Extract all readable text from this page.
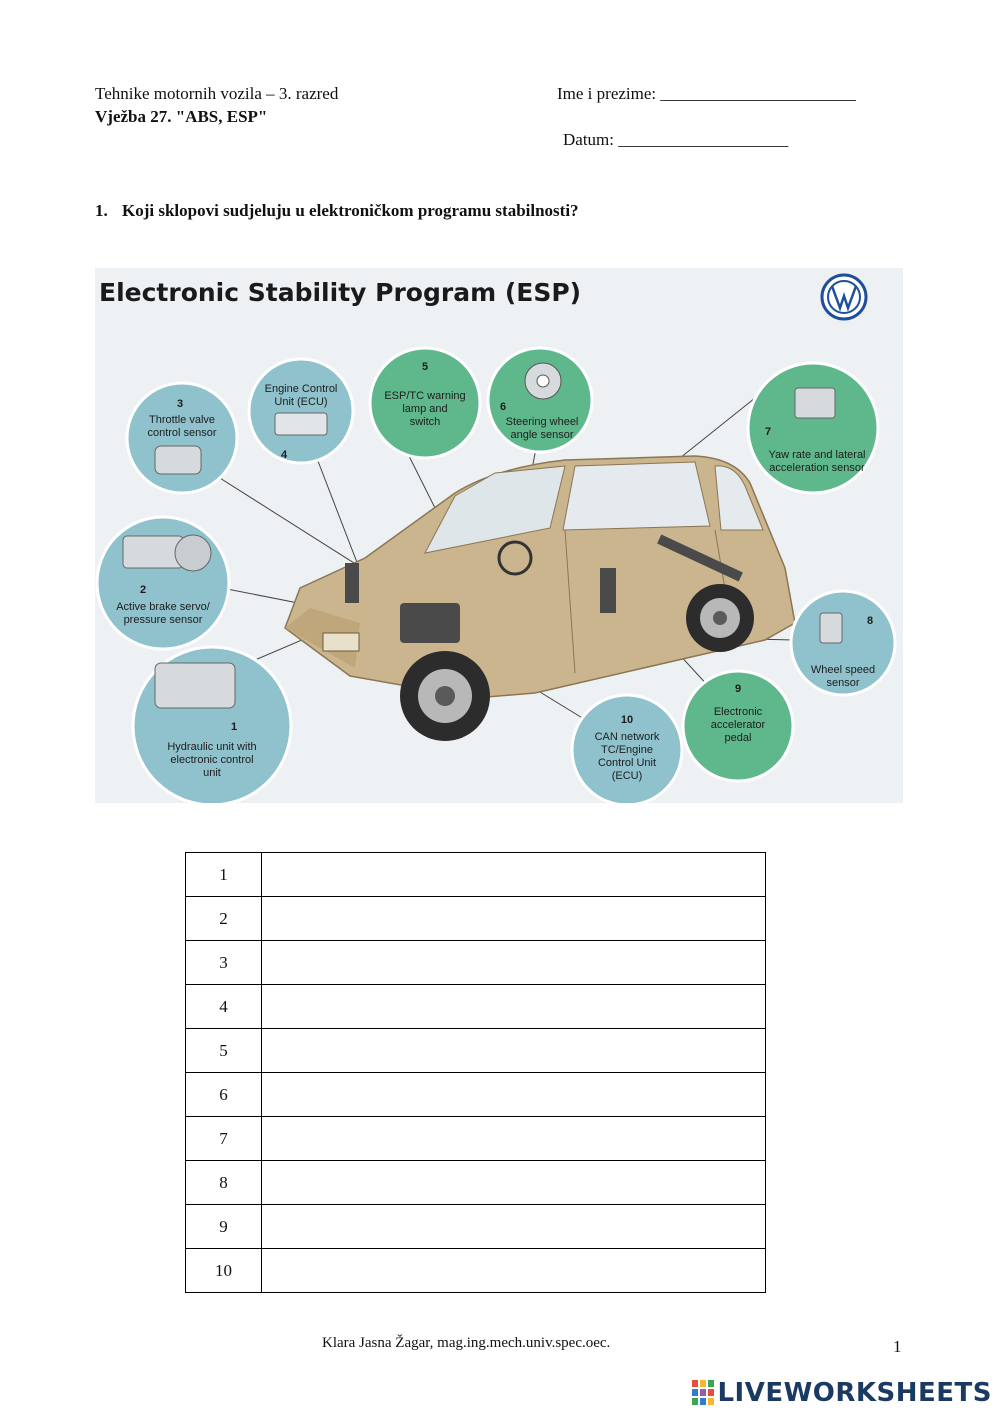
Tehnike motornih vozila – 3. razred
Vježba 27. "ABS, ESP"
Ime i prezime: _______________________
Datum: ____________________
1. Koji sklopovi sudjeluju u elektroničkom programu stabilnosti?
Electronic Stability Program (ESP)
1
Hydraulic unit with
electronic control
unit
2
Active brake servo/
pressure sensor
3
Throttle valve
control sensor
Engine Control
Unit (ECU)
4
5
ESP/TC warning
lamp and
switch
6
Steering wheel
angle sensor	7
Yaw rate and lateral
acceleration sensor
8
Wheel speed
sensor
9
Electronic
accelerator
pedal
10
CAN network
TC/Engine
Control Unit
(ECU)
1	
2	
3	
4	
5	
6	
7	
8	
9	
10	
Klara Jasna Žagar, mag.ing.mech.univ.spec.oec.	1
LIVEWORKSHEETS
